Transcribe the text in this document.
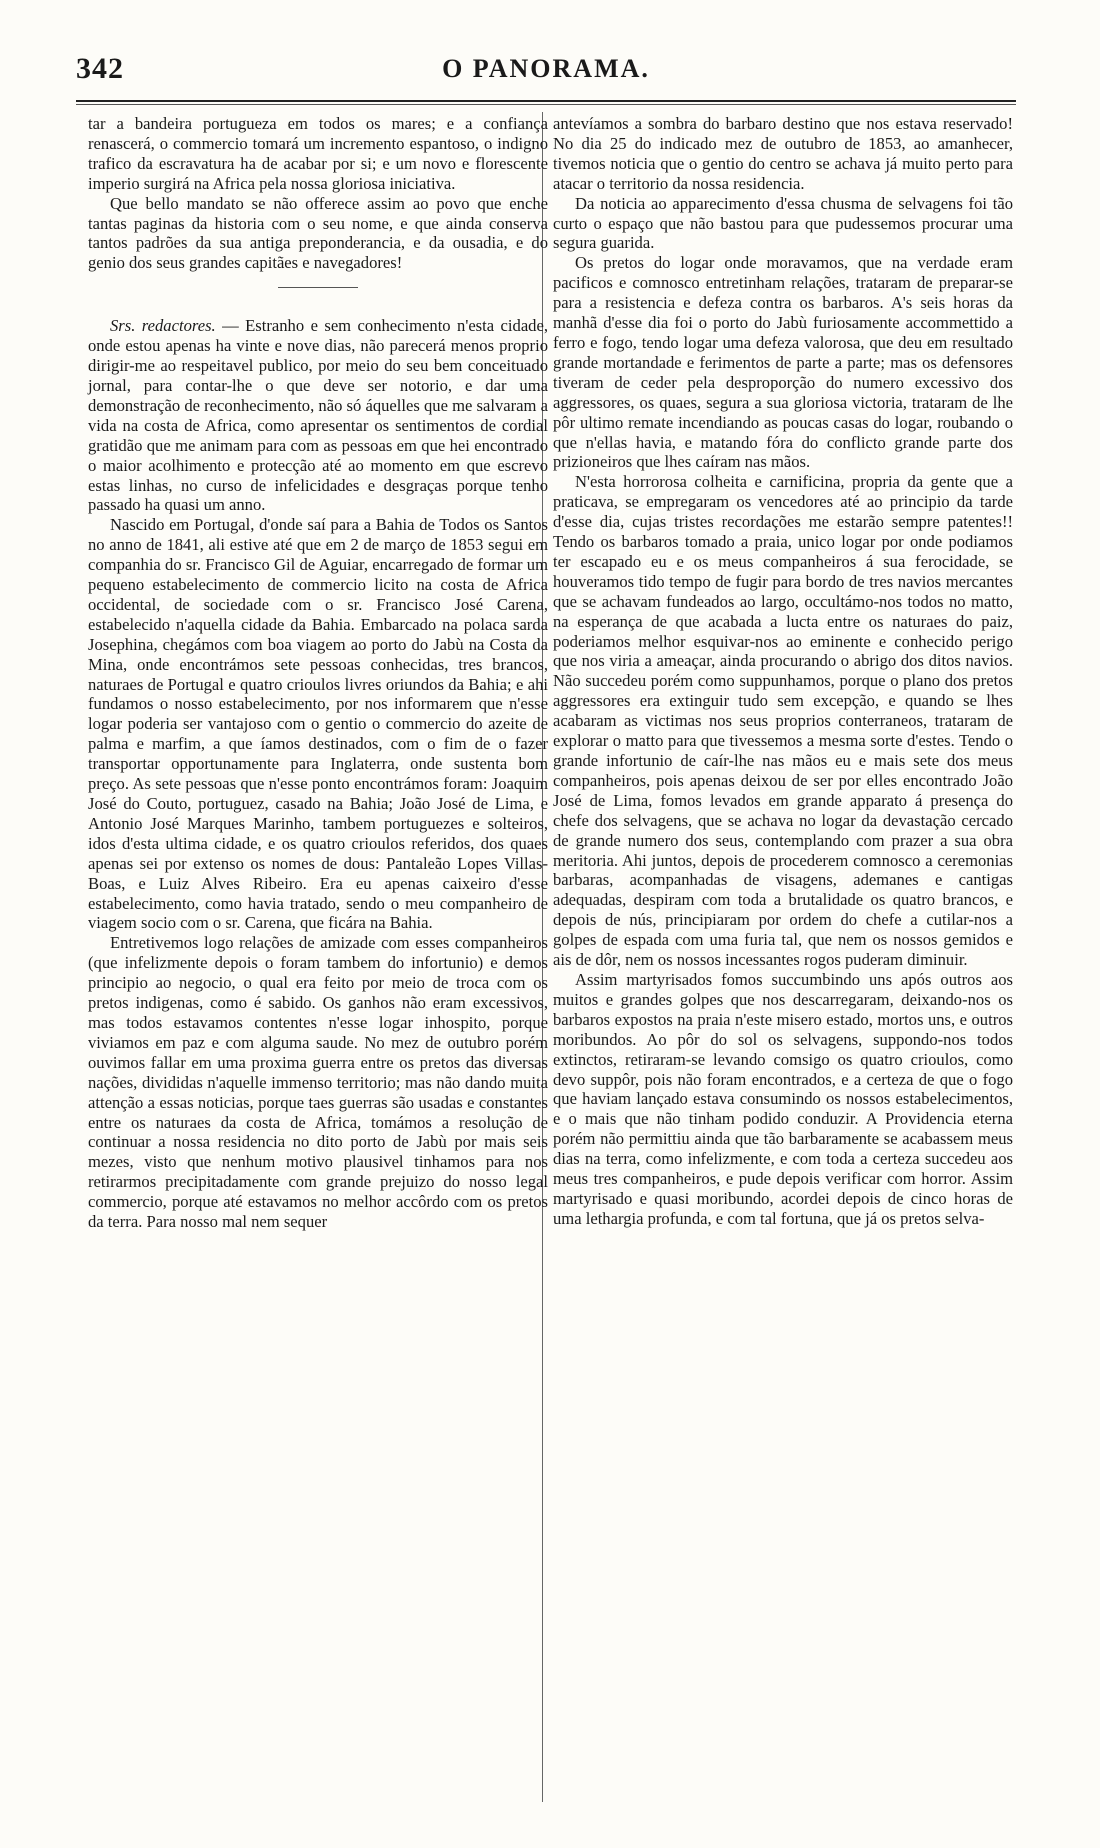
342	O PANORAMA.

tar a bandeira portugueza em todos os mares; e a confiança renascerá, o commercio tomará um incremento espantoso, o indigno trafico da escravatura ha de acabar por si; e um novo e florescente imperio surgirá na Africa pela nossa gloriosa iniciativa.

Que bello mandato se não offerece assim ao povo que enche tantas paginas da historia com o seu nome, e que ainda conserva tantos padrões da sua antiga preponderancia, e da ousadia, e do genio dos seus grandes capitães e navegadores!

Srs. redactores. — Estranho e sem conhecimento n'esta cidade, onde estou apenas ha vinte e nove dias, não parecerá menos proprio dirigir-me ao respeitavel publico, por meio do seu bem conceituado jornal, para contar-lhe o que deve ser notorio, e dar uma demonstração de reconhecimento, não só áquelles que me salvaram a vida na costa de Africa, como apresentar os sentimentos de cordial gratidão que me animam para com as pessoas em que hei encontrado o maior acolhimento e protecção até ao momento em que escrevo estas linhas, no curso de infelicidades e desgraças porque tenho passado ha quasi um anno.

Nascido em Portugal, d'onde saí para a Bahia de Todos os Santos no anno de 1841, ali estive até que em 2 de março de 1853 segui em companhia do sr. Francisco Gil de Aguiar, encarregado de formar um pequeno estabelecimento de commercio licito na costa de Africa occidental, de sociedade com o sr. Francisco José Carena, estabelecido n'aquella cidade da Bahia. Embarcado na polaca sarda Josephina, chegámos com boa viagem ao porto do Jabù na Costa da Mina, onde encontrámos sete pessoas conhecidas, tres brancos, naturaes de Portugal e quatro crioulos livres oriundos da Bahia; e ahi fundamos o nosso estabelecimento, por nos informarem que n'esse logar poderia ser vantajoso com o gentio o commercio do azeite de palma e marfim, a que íamos destinados, com o fim de o fazer transportar opportunamente para Inglaterra, onde sustenta bom preço. As sete pessoas que n'esse ponto encontrámos foram: Joaquim José do Couto, portuguez, casado na Bahia; João José de Lima, e Antonio José Marques Marinho, tambem portuguezes e solteiros, idos d'esta ultima cidade, e os quatro crioulos referidos, dos quaes apenas sei por extenso os nomes de dous: Pantaleão Lopes Villas-Boas, e Luiz Alves Ribeiro. Era eu apenas caixeiro d'esse estabelecimento, como havia tratado, sendo o meu companheiro de viagem socio com o sr. Carena, que ficára na Bahia.

Entretivemos logo relações de amizade com esses companheiros (que infelizmente depois o foram tambem do infortunio) e demos principio ao negocio, o qual era feito por meio de troca com os pretos indigenas, como é sabido. Os ganhos não eram excessivos, mas todos estavamos contentes n'esse logar inhospito, porque viviamos em paz e com alguma saude. No mez de outubro porém ouvimos fallar em uma proxima guerra entre os pretos das diversas nações, divididas n'aquelle immenso territorio; mas não dando muita attenção a essas noticias, porque taes guerras são usadas e constantes entre os naturaes da costa de Africa, tomámos a resolução de continuar a nossa residencia no dito porto de Jabù por mais seis mezes, visto que nenhum motivo plausivel tinhamos para nos retirarmos precipitadamente com grande prejuizo do nosso legal commercio, porque até estavamos no melhor accôrdo com os pretos da terra. Para nosso mal nem sequer

antevíamos a sombra do barbaro destino que nos estava reservado! No dia 25 do indicado mez de outubro de 1853, ao amanhecer, tivemos noticia que o gentio do centro se achava já muito perto para atacar o territorio da nossa residencia.

Da noticia ao apparecimento d'essa chusma de selvagens foi tão curto o espaço que não bastou para que pudessemos procurar uma segura guarida.

Os pretos do logar onde moravamos, que na verdade eram pacificos e comnosco entretinham relações, trataram de preparar-se para a resistencia e defeza contra os barbaros. A's seis horas da manhã d'esse dia foi o porto do Jabù furiosamente accommettido a ferro e fogo, tendo logar uma defeza valorosa, que deu em resultado grande mortandade e ferimentos de parte a parte; mas os defensores tiveram de ceder pela desproporção do numero excessivo dos aggressores, os quaes, segura a sua gloriosa victoria, trataram de lhe pôr ultimo remate incendiando as poucas casas do logar, roubando o que n'ellas havia, e matando fóra do conflicto grande parte dos prizioneiros que lhes caíram nas mãos.

N'esta horrorosa colheita e carnificina, propria da gente que a praticava, se empregaram os vencedores até ao principio da tarde d'esse dia, cujas tristes recordações me estarão sempre patentes!! Tendo os barbaros tomado a praia, unico logar por onde podiamos ter escapado eu e os meus companheiros á sua ferocidade, se houveramos tido tempo de fugir para bordo de tres navios mercantes que se achavam fundeados ao largo, occultámo-nos todos no matto, na esperança de que acabada a lucta entre os naturaes do paiz, poderiamos melhor esquivar-nos ao eminente e conhecido perigo que nos viria a ameaçar, ainda procurando o abrigo dos ditos navios. Não succedeu porém como suppunhamos, porque o plano dos pretos aggressores era extinguir tudo sem excepção, e quando se lhes acabaram as victimas nos seus proprios conterraneos, trataram de explorar o matto para que tivessemos a mesma sorte d'estes. Tendo o grande infortunio de caír-lhe nas mãos eu e mais sete dos meus companheiros, pois apenas deixou de ser por elles encontrado João José de Lima, fomos levados em grande apparato á presença do chefe dos selvagens, que se achava no logar da devastação cercado de grande numero dos seus, contemplando com prazer a sua obra meritoria. Ahi juntos, depois de procederem comnosco a ceremonias barbaras, acompanhadas de visagens, ademanes e cantigas adequadas, despiram com toda a brutalidade os quatro brancos, e depois de nús, principiaram por ordem do chefe a cutilar-nos a golpes de espada com uma furia tal, que nem os nossos gemidos e ais de dôr, nem os nossos incessantes rogos puderam diminuir.

Assim martyrisados fomos succumbindo uns após outros aos muitos e grandes golpes que nos descarregaram, deixando-nos os barbaros expostos na praia n'este misero estado, mortos uns, e outros moribundos. Ao pôr do sol os selvagens, suppondo-nos todos extinctos, retiraram-se levando comsigo os quatro crioulos, como devo suppôr, pois não foram encontrados, e a certeza de que o fogo que haviam lançado estava consumindo os nossos estabelecimentos, e o mais que não tinham podido conduzir. A Providencia eterna porém não permittiu ainda que tão barbaramente se acabassem meus dias na terra, como infelizmente, e com toda a certeza succedeu aos meus tres companheiros, e pude depois verificar com horror. Assim martyrisado e quasi moribundo, acordei depois de cinco horas de uma lethargia profunda, e com tal fortuna, que já os pretos selva-
